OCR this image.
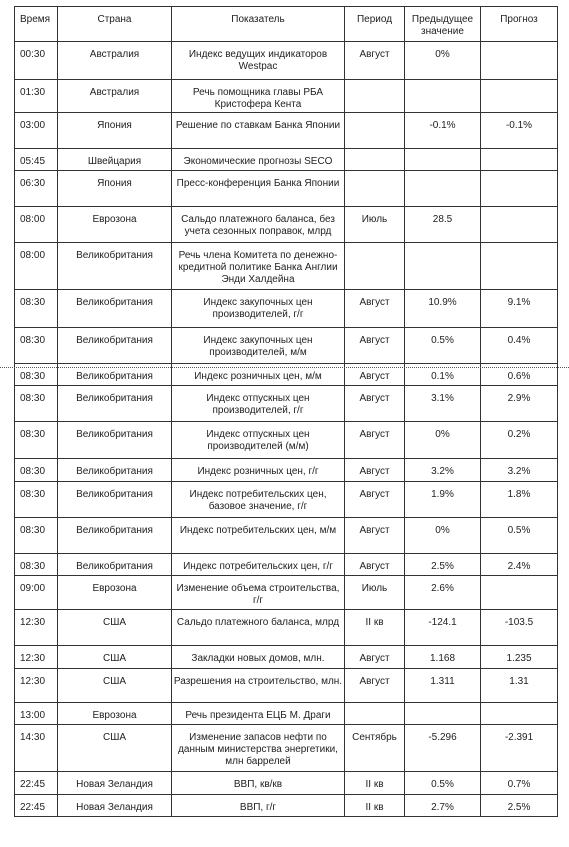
Время	Страна	Показатель	Период	Предыдущее значение	Прогноз
00:30	Австралия	Индекс ведущих индикаторов Westpac	Август	0%	
01:30	Австралия	Речь помощника главы РБА Кристофера Кента			
03:00	Япония	Решение по ставкам Банка Японии		-0.1%	-0.1%
05:45	Швейцария	Экономические прогнозы SECO			
06:30	Япония	Пресс-конференция Банка Японии			
08:00	Еврозона	Сальдо платежного баланса, без учета сезонных поправок, млрд	Июль	28.5	
08:00	Великобритания	Речь члена Комитета по денежно-кредитной политике Банка Англии Энди Халдейна			
08:30	Великобритания	Индекс закупочных цен производителей, г/г	Август	10.9%	9.1%
08:30	Великобритания	Индекс закупочных цен производителей, м/м	Август	0.5%	0.4%
08:30	Великобритания	Индекс розничных цен, м/м	Август	0.1%	0.6%
08:30	Великобритания	Индекс отпускных цен производителей, г/г	Август	3.1%	2.9%
08:30	Великобритания	Индекс отпускных цен производителей (м/м)	Август	0%	0.2%
08:30	Великобритания	Индекс розничных цен, г/г	Август	3.2%	3.2%
08:30	Великобритания	Индекс потребительских цен, базовое значение, г/г	Август	1.9%	1.8%
08:30	Великобритания	Индекс потребительских цен, м/м	Август	0%	0.5%
08:30	Великобритания	Индекс потребительских цен, г/г	Август	2.5%	2.4%
09:00	Еврозона	Изменение объема строительства, г/г	Июль	2.6%	
12:30	США	Сальдо платежного баланса, млрд	II кв	-124.1	-103.5
12:30	США	Закладки новых домов, млн.	Август	1.168	1.235
12:30	США	Разрешения на строительство, млн.	Август	1.311	1.31
13:00	Еврозона	Речь президента ЕЦБ М. Драги			
14:30	США	Изменение запасов нефти по данным министерства энергетики, млн баррелей	Сентябрь	-5.296	-2.391
22:45	Новая Зеландия	ВВП, кв/кв	II кв	0.5%	0.7%
22:45	Новая Зеландия	ВВП, г/г	II кв	2.7%	2.5%
